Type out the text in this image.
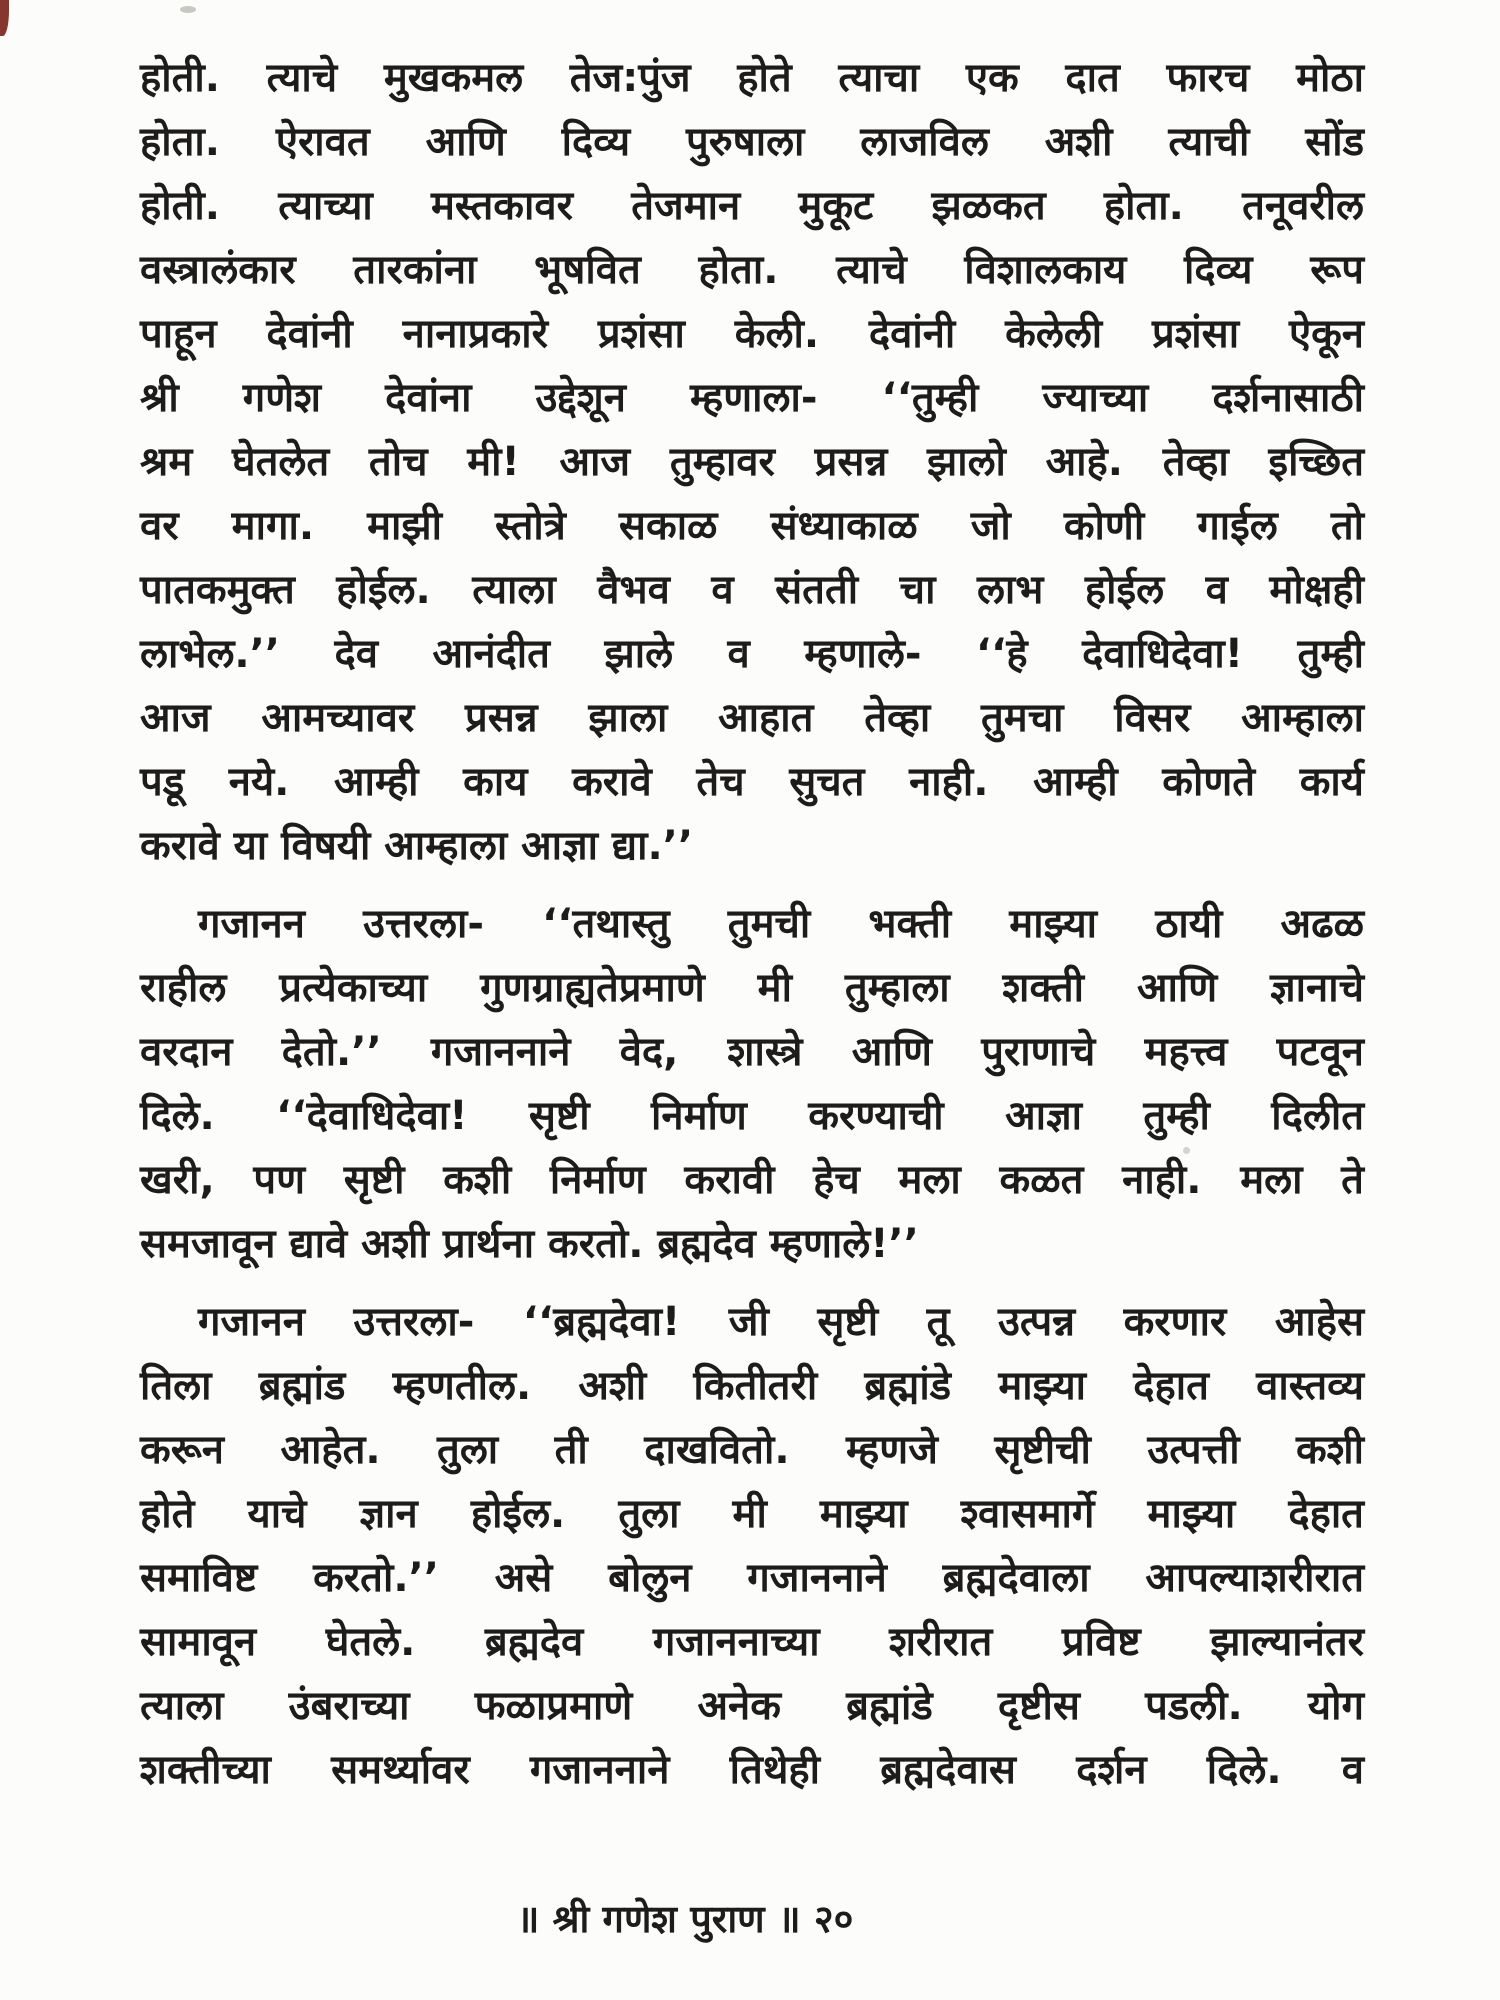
होती. त्याचे मुखकमल तेज:पुंज होते त्याचा एक दात फारच मोठा
होता. ऐरावत आणि दिव्य पुरुषाला लाजविल अशी त्याची सोंड
होती. त्याच्या मस्तकावर तेजमान मुकूट झळकत होता. तनूवरील
वस्त्रालंकार तारकांना भूषवित होता. त्याचे विशालकाय दिव्य रूप
पाहून देवांनी नानाप्रकारे प्रशंसा केली. देवांनी केलेली प्रशंसा ऐकून
श्री गणेश देवांना उद्देशून म्हणाला- ‘‘तुम्ही ज्याच्या दर्शनासाठी
श्रम घेतलेत तोच मी! आज तुम्हावर प्रसन्न झालो आहे. तेव्हा इच्छित
वर मागा. माझी स्तोत्रे सकाळ संध्याकाळ जो कोणी गाईल तो
पातकमुक्त होईल. त्याला वैभव व संतती चा लाभ होईल व मोक्षही
लाभेल.’’ देव आनंदीत झाले व म्हणाले- ‘‘हे देवाधिदेवा! तुम्ही
आज आमच्यावर प्रसन्न झाला आहात तेव्हा तुमचा विसर आम्हाला
पडू नये. आम्ही काय करावे तेच सुचत नाही. आम्ही कोणते कार्य
करावे या विषयी आम्हाला आज्ञा द्या.’’
गजानन उत्तरला- ‘‘तथास्तु तुमची भक्ती माझ्या ठायी अढळ
राहील प्रत्येकाच्या गुणग्राह्यतेप्रमाणे मी तुम्हाला शक्ती आणि ज्ञानाचे
वरदान देतो.’’ गजाननाने वेद, शास्त्रे आणि पुराणाचे महत्त्व पटवून
दिले. ‘‘देवाधिदेवा! सृष्टी निर्माण करण्याची आज्ञा तुम्ही दिलीत
खरी, पण सृष्टी कशी निर्माण करावी हेच मला कळत नाही. मला ते
समजावून द्यावे अशी प्रार्थना करतो. ब्रह्मदेव म्हणाले!’’
गजानन उत्तरला- ‘‘ब्रह्मदेवा! जी सृष्टी तू उत्पन्न करणार आहेस
तिला ब्रह्मांड म्हणतील. अशी कितीतरी ब्रह्मांडे माझ्या देहात वास्तव्य
करून आहेत. तुला ती दाखवितो. म्हणजे सृष्टीची उत्पत्ती कशी
होते याचे ज्ञान होईल. तुला मी माझ्या श्वासमार्गे माझ्या देहात
समाविष्ट करतो.’’ असे बोलुन गजाननाने ब्रह्मदेवाला आपल्याशरीरात
सामावून घेतले. ब्रह्मदेव गजाननाच्या शरीरात प्रविष्ट झाल्यानंतर
त्याला उंबराच्या फळाप्रमाणे अनेक ब्रह्मांडे दृष्टीस पडली. योग
शक्तीच्या समर्थ्यावर गजाननाने तिथेही ब्रह्मदेवास दर्शन दिले. व
॥ श्री गणेश पुराण ॥ २०
